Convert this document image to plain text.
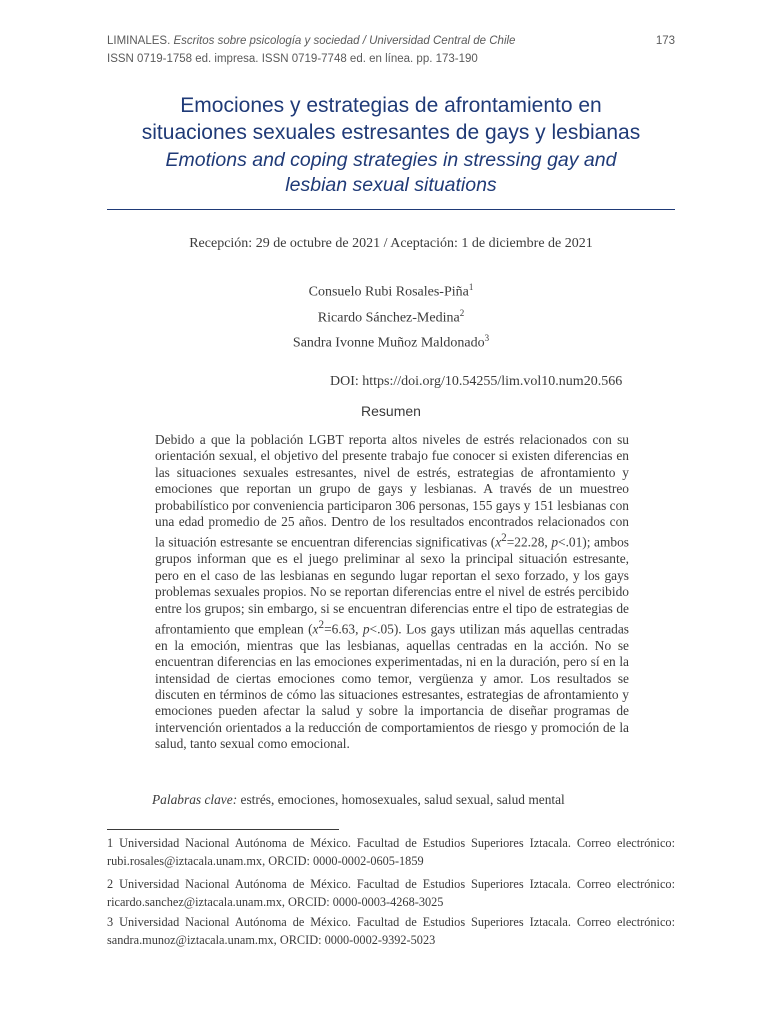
LIMINALES. Escritos sobre psicología y sociedad / Universidad Central de Chile	173
ISSN 0719-1758 ed. impresa. ISSN 0719-7748 ed. en línea. pp. 173-190
Emociones y estrategias de afrontamiento en
situaciones sexuales estresantes de gays y lesbianas
Emotions and coping strategies in stressing gay and
lesbian sexual situations
Recepción: 29 de octubre de 2021 / Aceptación: 1 de diciembre de 2021
Consuelo Rubi Rosales-Piña$^1$
Ricardo Sánchez-Medina$^2$
Sandra Ivonne Muñoz Maldonado$^3$
DOI: https://doi.org/10.54255/lim.vol10.num20.566
Resumen

Debido a que la población LGBT reporta altos niveles de estrés relacionados con su orientación sexual, el objetivo del presente trabajo fue conocer si existen diferencias en las situaciones sexuales estresantes, nivel de estrés, estrategias de afrontamiento y emociones que reportan un grupo de gays y lesbianas. A través de un muestreo probabilístico por conveniencia participaron 306 personas, 155 gays y 151 lesbianas con una edad promedio de 25 años. Dentro de los resultados encontrados relacionados con la situación estresante se encuentran diferencias significativas ($x^2=22.28$, p<.01); ambos grupos informan que es el juego preliminar al sexo la principal situación estresante, pero en el caso de las lesbianas en segundo lugar reportan el sexo forzado, y los gays problemas sexuales propios. No se reportan diferencias entre el nivel de estrés percibido entre los grupos; sin embargo, si se encuentran diferencias entre el tipo de estrategias de afrontamiento que emplean ($x^2=6.63$, p<.05). Los gays utilizan más aquellas centradas en la emoción, mientras que las lesbianas, aquellas centradas en la acción. No se encuentran diferencias en las emociones experimentadas, ni en la duración, pero sí en la intensidad de ciertas emociones como temor, vergüenza y amor. Los resultados se discuten en términos de cómo las situaciones estresantes, estrategias de afrontamiento y emociones pueden afectar la salud y sobre la importancia de diseñar programas de intervención orientados a la reducción de comportamientos de riesgo y promoción de la salud, tanto sexual como emocional.

Palabras clave: estrés, emociones, homosexuales, salud sexual, salud mental

1 Universidad Nacional Autónoma de México. Facultad de Estudios Superiores Iztacala. Correo electrónico: rubi.rosales@iztacala.unam.mx, ORCID: 0000-0002-0605-1859

2 Universidad Nacional Autónoma de México. Facultad de Estudios Superiores Iztacala. Correo electrónico: ricardo.sanchez@iztacala.unam.mx, ORCID: 0000-0003-4268-3025

3 Universidad Nacional Autónoma de México. Facultad de Estudios Superiores Iztacala. Correo electrónico: sandra.munoz@iztacala.unam.mx, ORCID: 0000-0002-9392-5023
